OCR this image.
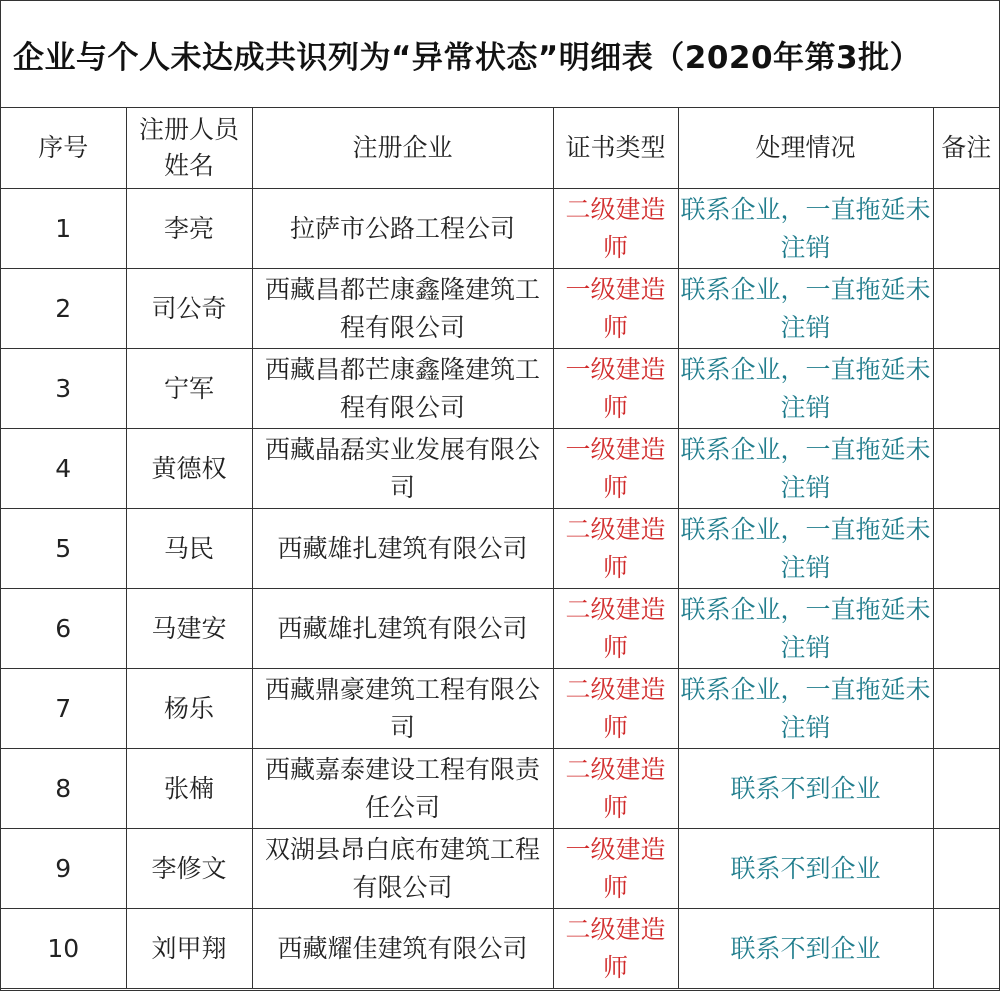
企业与个人未达成共识列为“异常状态”明细表（2020年第3批）
序号	注册人员姓名	注册企业	证书类型	处理情况	备注
1	李亮	拉萨市公路工程公司	二级建造师	联系企业，一直拖延未注销	
2	司公奇	西藏昌都芒康鑫隆建筑工程有限公司	一级建造师	联系企业，一直拖延未注销	
3	宁军	西藏昌都芒康鑫隆建筑工程有限公司	一级建造师	联系企业，一直拖延未注销	
4	黄德权	西藏晶磊实业发展有限公司	一级建造师	联系企业，一直拖延未注销	
5	马民	西藏雄扎建筑有限公司	二级建造师	联系企业，一直拖延未注销	
6	马建安	西藏雄扎建筑有限公司	二级建造师	联系企业，一直拖延未注销	
7	杨乐	西藏鼎豪建筑工程有限公司	二级建造师	联系企业，一直拖延未注销	
8	张楠	西藏嘉泰建设工程有限责任公司	二级建造师	联系不到企业	
9	李修文	双湖县昂白底布建筑工程有限公司	一级建造师	联系不到企业	
10	刘甲翔	西藏耀佳建筑有限公司	二级建造师	联系不到企业	
